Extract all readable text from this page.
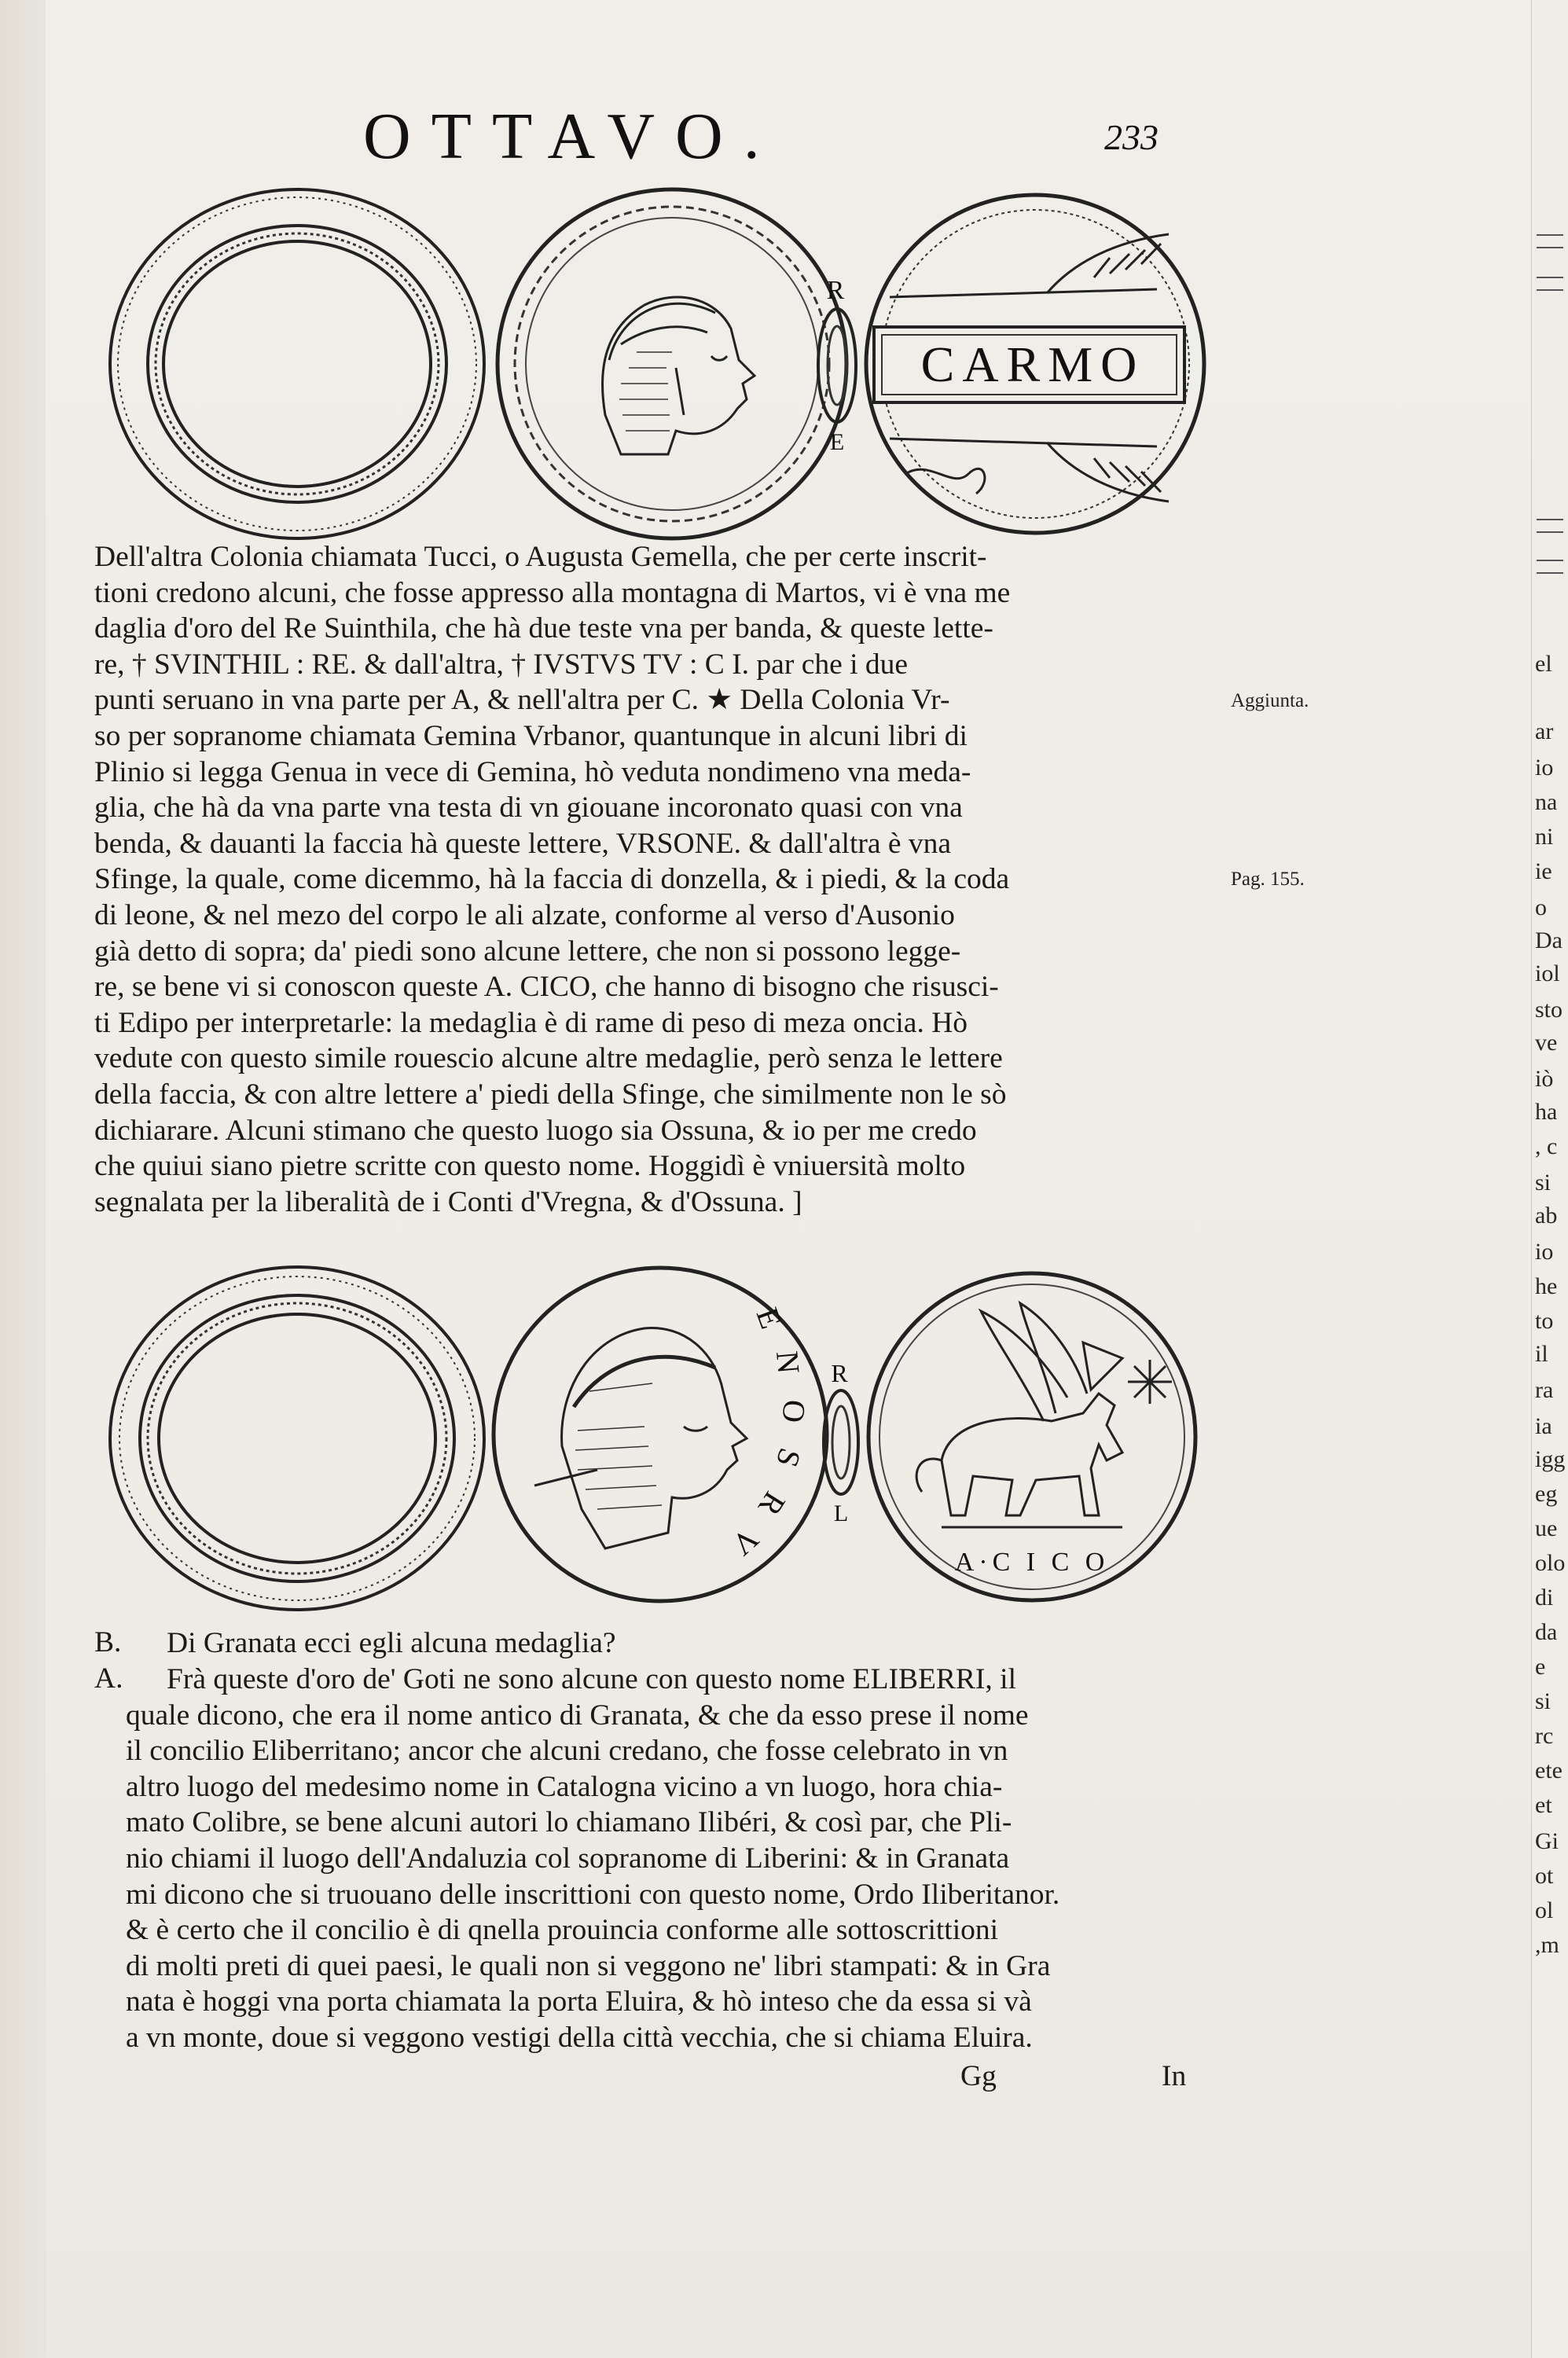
el
ar
io
na
ni
ie
o
Da
iol
sto
ve
iò
ha
, c
si
ab
io
he
to
il
ra
ia
igg
eg
ue
olo
di
da
e
si
rc
ete
et
Gi
ot
ol
,m
OTTAVO.	233
R
E
CARMO
Dell'altra Colonia chiamata Tucci, o Augusta Gemella, che per certe inscrit-
tioni credono alcuni, che fosse appresso alla montagna di Martos, vi è vna me
daglia d'oro del Re Suinthila, che hà due teste vna per banda, & queste lette-
re, † SVINTHIL : RE. & dall'altra, † IVSTVS TV : C I. par che i due
punti seruano in vna parte per A, & nell'altra per C. ★ Della Colonia Vr-
so per sopranome chiamata Gemina Vrbanor, quantunque in alcuni libri di
Plinio si legga Genua in vece di Gemina, hò veduta nondimeno vna meda-
glia, che hà da vna parte vna testa di vn giouane incoronato quasi con vna
benda, & dauanti la faccia hà queste lettere, VRSONE. & dall'altra è vna
Sfinge, la quale, come dicemmo, hà la faccia di donzella, & i piedi, & la coda
di leone, & nel mezo del corpo le ali alzate, conforme al verso d'Ausonio
già detto di sopra; da' piedi sono alcune lettere, che non si possono legge-
re, se bene vi si conoscon queste A. CICO, che hanno di bisogno che risusci-
ti Edipo per interpretarle: la medaglia è di rame di peso di meza oncia. Hò
vedute con questo simile rouescio alcune altre medaglie, però senza le lettere
della faccia, & con altre lettere a' piedi della Sfinge, che similmente non le sò
dichiarare. Alcuni stimano che questo luogo sia Ossuna, & io per me credo
che quiui siano pietre scritte con questo nome. Hoggidì è vniuersità molto
segnalata per la liberalità de i Conti d'Vregna, & d'Ossuna. ]
Aggiunta.
Pag. 155.
E
N
O
S
R
V
R
L
A·C I C O
B. Di Granata ecci egli alcuna medaglia?
A.	Frà queste d'oro de' Goti ne sono alcune con questo nome ELIBERRI, il
quale dicono, che era il nome antico di Granata, & che da esso prese il nome
il concilio Eliberritano; ancor che alcuni credano, che fosse celebrato in vn
altro luogo del medesimo nome in Catalogna vicino a vn luogo, hora chia-
mato Colibre, se bene alcuni autori lo chiamano Ilibéri, & così par, che Pli-
nio chiami il luogo dell'Andaluzia col sopranome di Liberini: & in Granata
mi dicono che si truouano delle inscrittioni con questo nome, Ordo Iliberitanor.
& è certo che il concilio è di qnella prouincia conforme alle sottoscrittioni
di molti preti di quei paesi, le quali non si veggono ne' libri stampati: & in Gra
nata è hoggi vna porta chiamata la porta Eluira, & hò inteso che da essa si và
a vn monte, doue si veggono vestigi della città vecchia, che si chiama Eluira.
Gg	In
